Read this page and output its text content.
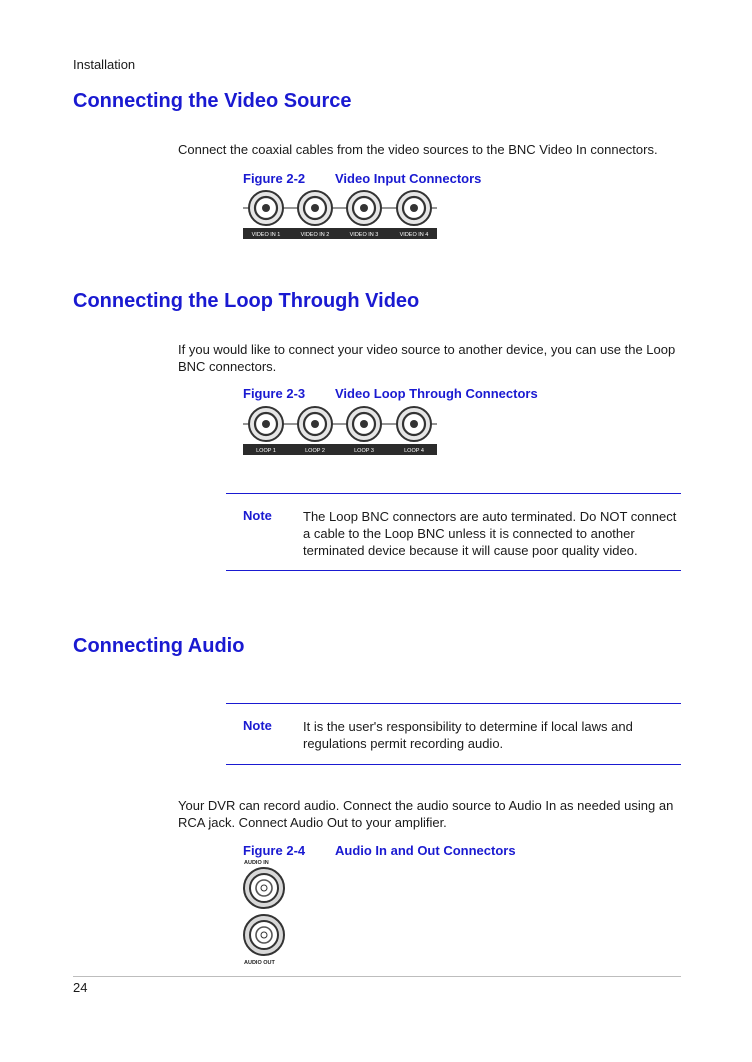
Installation
Connecting the Video Source

Connect the coaxial cables from the video sources to the BNC Video In connectors.

Figure 2-2 Video Input Connectors
VIDEO IN 1	VIDEO IN 2	VIDEO IN 3	VIDEO IN 4
Connecting the Loop Through Video

If you would like to connect your video source to another device, you can use the Loop BNC connectors.

Figure 2-3 Video Loop Through Connectors
LOOP 1	LOOP 2	LOOP 3	LOOP 4
Note The Loop BNC connectors are auto terminated. Do NOT connect a cable to the Loop BNC unless it is connected to another terminated device because it will cause poor quality video.

Connecting Audio
Note It is the user's responsibility to determine if local laws and regulations permit recording audio.

Your DVR can record audio. Connect the audio source to Audio In as needed using an RCA jack. Connect Audio Out to your amplifier.

Figure 2-4 Audio In and Out Connectors
AUDIO IN
AUDIO OUT
24
